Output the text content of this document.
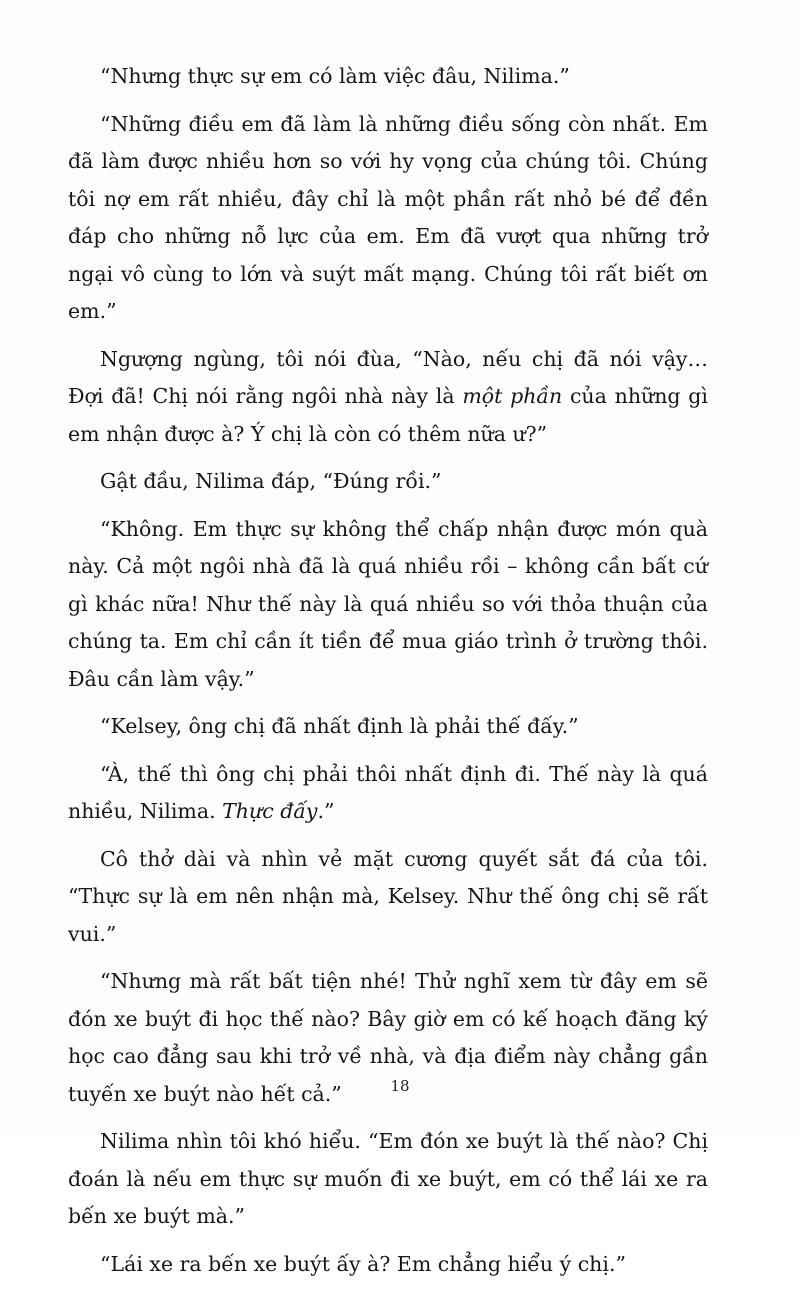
“Nhưng thực sự em có làm việc đâu, Nilima.”

“Những điều em đã làm là những điều sống còn nhất. Em đã làm được nhiều hơn so với hy vọng của chúng tôi. Chúng tôi nợ em rất nhiều, đây chỉ là một phần rất nhỏ bé để đền đáp cho những nỗ lực của em. Em đã vượt qua những trở ngại vô cùng to lớn và suýt mất mạng. Chúng tôi rất biết ơn em.”

Ngượng ngùng, tôi nói đùa, “Nào, nếu chị đã nói vậy… Đợi đã! Chị nói rằng ngôi nhà này là một phần của những gì em nhận được à? Ý chị là còn có thêm nữa ư?”

Gật đầu, Nilima đáp, “Đúng rồi.”

“Không. Em thực sự không thể chấp nhận được món quà này. Cả một ngôi nhà đã là quá nhiều rồi – không cần bất cứ gì khác nữa! Như thế này là quá nhiều so với thỏa thuận của chúng ta. Em chỉ cần ít tiền để mua giáo trình ở trường thôi. Đâu cần làm vậy.”

“Kelsey, ông chị đã nhất định là phải thế đấy.”

“À, thế thì ông chị phải thôi nhất định đi. Thế này là quá nhiều, Nilima. Thực đấy.”

Cô thở dài và nhìn vẻ mặt cương quyết sắt đá của tôi. “Thực sự là em nên nhận mà, Kelsey. Như thế ông chị sẽ rất vui.”

“Nhưng mà rất bất tiện nhé! Thử nghĩ xem từ đây em sẽ đón xe buýt đi học thế nào? Bây giờ em có kế hoạch đăng ký học cao đẳng sau khi trở về nhà, và địa điểm này chẳng gần tuyến xe buýt nào hết cả.”

Nilima nhìn tôi khó hiểu. “Em đón xe buýt là thế nào? Chị đoán là nếu em thực sự muốn đi xe buýt, em có thể lái xe ra bến xe buýt mà.”

“Lái xe ra bến xe buýt ấy à? Em chẳng hiểu ý chị.”

18
